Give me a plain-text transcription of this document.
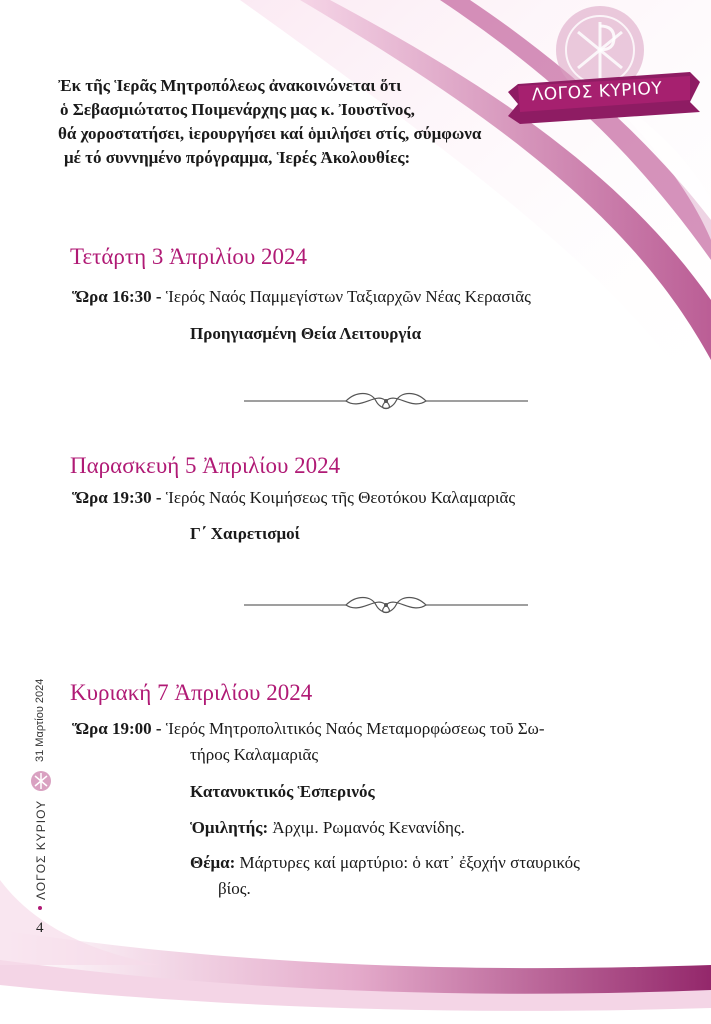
ΛΟΓΟΣ ΚΥΡΙΟΥ
Ἐκ τῆς Ἱερᾶς Μητροπόλεως ἀνακοινώνεται ὅτι
ὁ Σεβασμιώτατος Ποιμενάρχης μας κ. Ἰουστῖνος,
θά χοροστατήσει, ἱερουργήσει καί ὁμιλήσει στίς, σύμφωνα
μέ τό συννημένο πρόγραμμα, Ἱερές Ἀκολουθίες:
Τετάρτη 3 Ἀπριλίου 2024
Ὥρα 16:30 - Ἱερός Ναός Παμμεγίστων Ταξιαρχῶν Νέας Κερασιᾶς
Προηγιασμένη Θεία Λειτουργία
Παρασκευή 5 Ἀπριλίου 2024
Ὥρα 19:30 - Ἱερός Ναός Κοιμήσεως τῆς Θεοτόκου Καλαμαριᾶς
Γ΄ Χαιρετισμοί
Κυριακή 7 Ἀπριλίου 2024
Ὥρα 19:00 - Ἱερός Μητροπολιτικός Ναός Μεταμορφώσεως τοῦ Σω-
τήρος Καλαμαριᾶς
Κατανυκτικός Ἑσπερινός
Ὁμιλητής: Ἀρχιμ. Ρωμανός Κενανίδης.
Θέμα: Μάρτυρες καί μαρτύριο: ὁ κατ᾽ ἐξοχήν σταυρικός
βίος.
31 Μαρτίου 2024
ΛΟΓΟΣ ΚΥΡΙΟΥ
4
